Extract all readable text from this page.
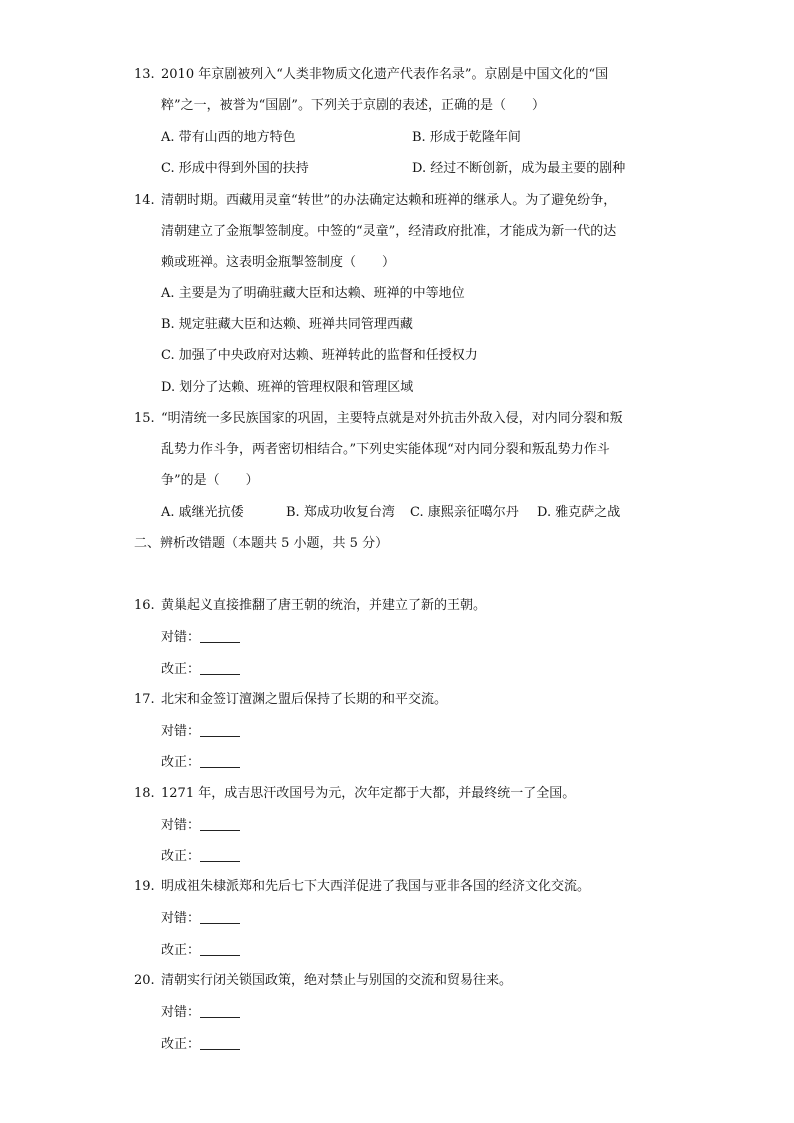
13. 2010 年京剧被列入“人类非物质文化遗产代表作名录”。京剧是中国文化的“国
粹”之一，被誉为“国剧”。下列关于京剧的表述，正确的是（　　）
A. 带有山西的地方特色	B. 形成于乾隆年间
C. 形成中得到外国的扶持	D. 经过不断创新，成为最主要的剧种
14. 清朝时期。西藏用灵童“转世”的办法确定达赖和班禅的继承人。为了避免纷争，
清朝建立了金瓶掣签制度。中签的“灵童”，经清政府批准，才能成为新一代的达
赖或班禅。这表明金瓶掣签制度（　　）
A. 主要是为了明确驻藏大臣和达赖、班禅的中等地位
B. 规定驻藏大臣和达赖、班禅共同管理西藏
C. 加强了中央政府对达赖、班禅转此的监督和任授权力
D. 划分了达赖、班禅的管理权限和管理区域
15. “明清统一多民族国家的巩固，主要特点就是对外抗击外敌入侵，对内同分裂和叛
乱势力作斗争，两者密切相结合。”下列史实能体现“对内同分裂和叛乱势力作斗
争”的是（　　）
A. 戚继光抗倭	B. 郑成功收复台湾 C. 康熙亲征噶尔丹 D. 雅克萨之战
二、辨析改错题（本题共 5 小题，共 5 分）
16. 黄巢起义直接推翻了唐王朝的统治，并建立了新的王朝。
对错：
改正：
17. 北宋和金签订澶渊之盟后保持了长期的和平交流。
对错：
改正：
18. 1271 年，成吉思汗改国号为元，次年定都于大都，并最终统一了全国。
对错：
改正：
19. 明成祖朱棣派郑和先后七下大西洋促进了我国与亚非各国的经济文化交流。
对错：
改正：
20. 清朝实行闭关锁国政策，绝对禁止与别国的交流和贸易往来。
对错：
改正：
